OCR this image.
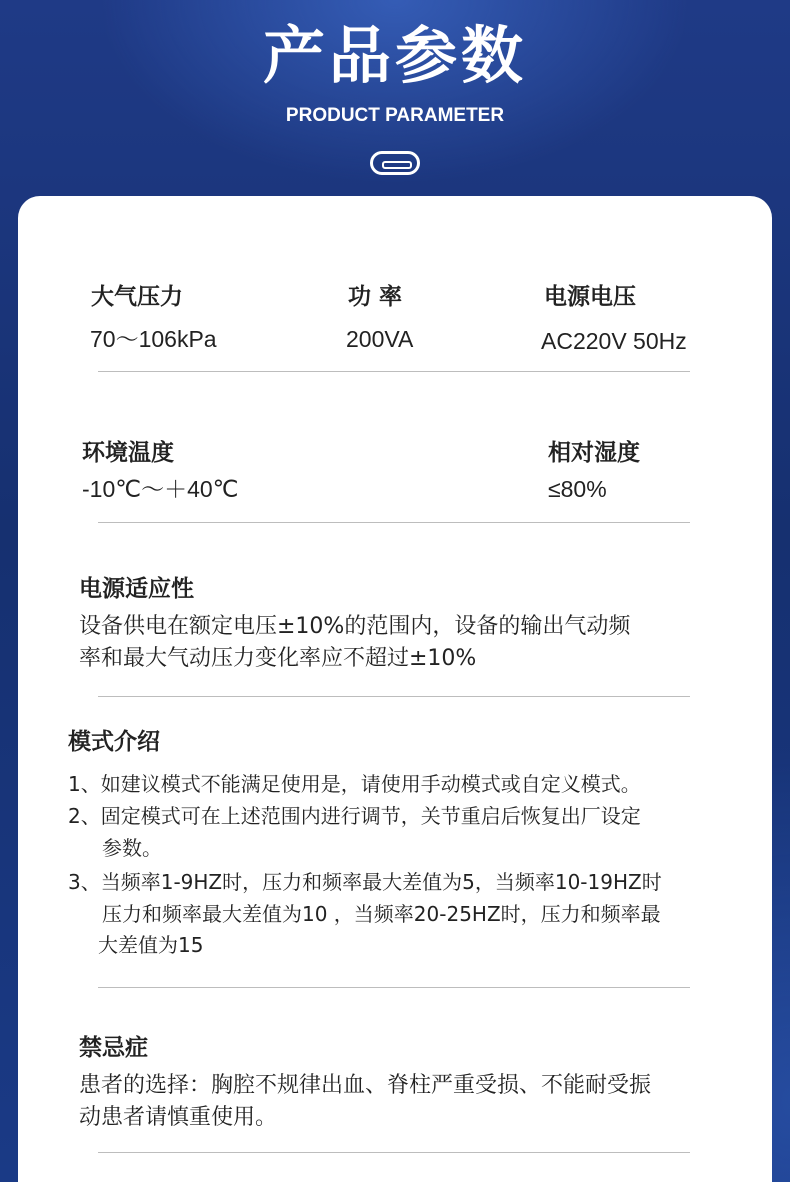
产品参数
PRODUCT PARAMETER
大气压力
70～106kPa
功 率
200VA
电源电压
AC220V 50Hz
环境温度
-10℃～＋40℃
相对湿度
≤80%
电源适应性
设备供电在额定电压±10%的范围内，设备的输出气动频
率和最大气动压力变化率应不超过±10%
模式介绍
1、如建议模式不能满足使用是，请使用手动模式或自定义模式。
2、固定模式可在上述范围内进行调节，关节重启后恢复出厂设定
参数。
3、当频率1-9HZ时，压力和频率最大差值为5，当频率10-19HZ时
压力和频率最大差值为10 ，当频率20-25HZ时，压力和频率最
大差值为15
禁忌症
患者的选择：胸腔不规律出血、脊柱严重受损、不能耐受振
动患者请慎重使用。
